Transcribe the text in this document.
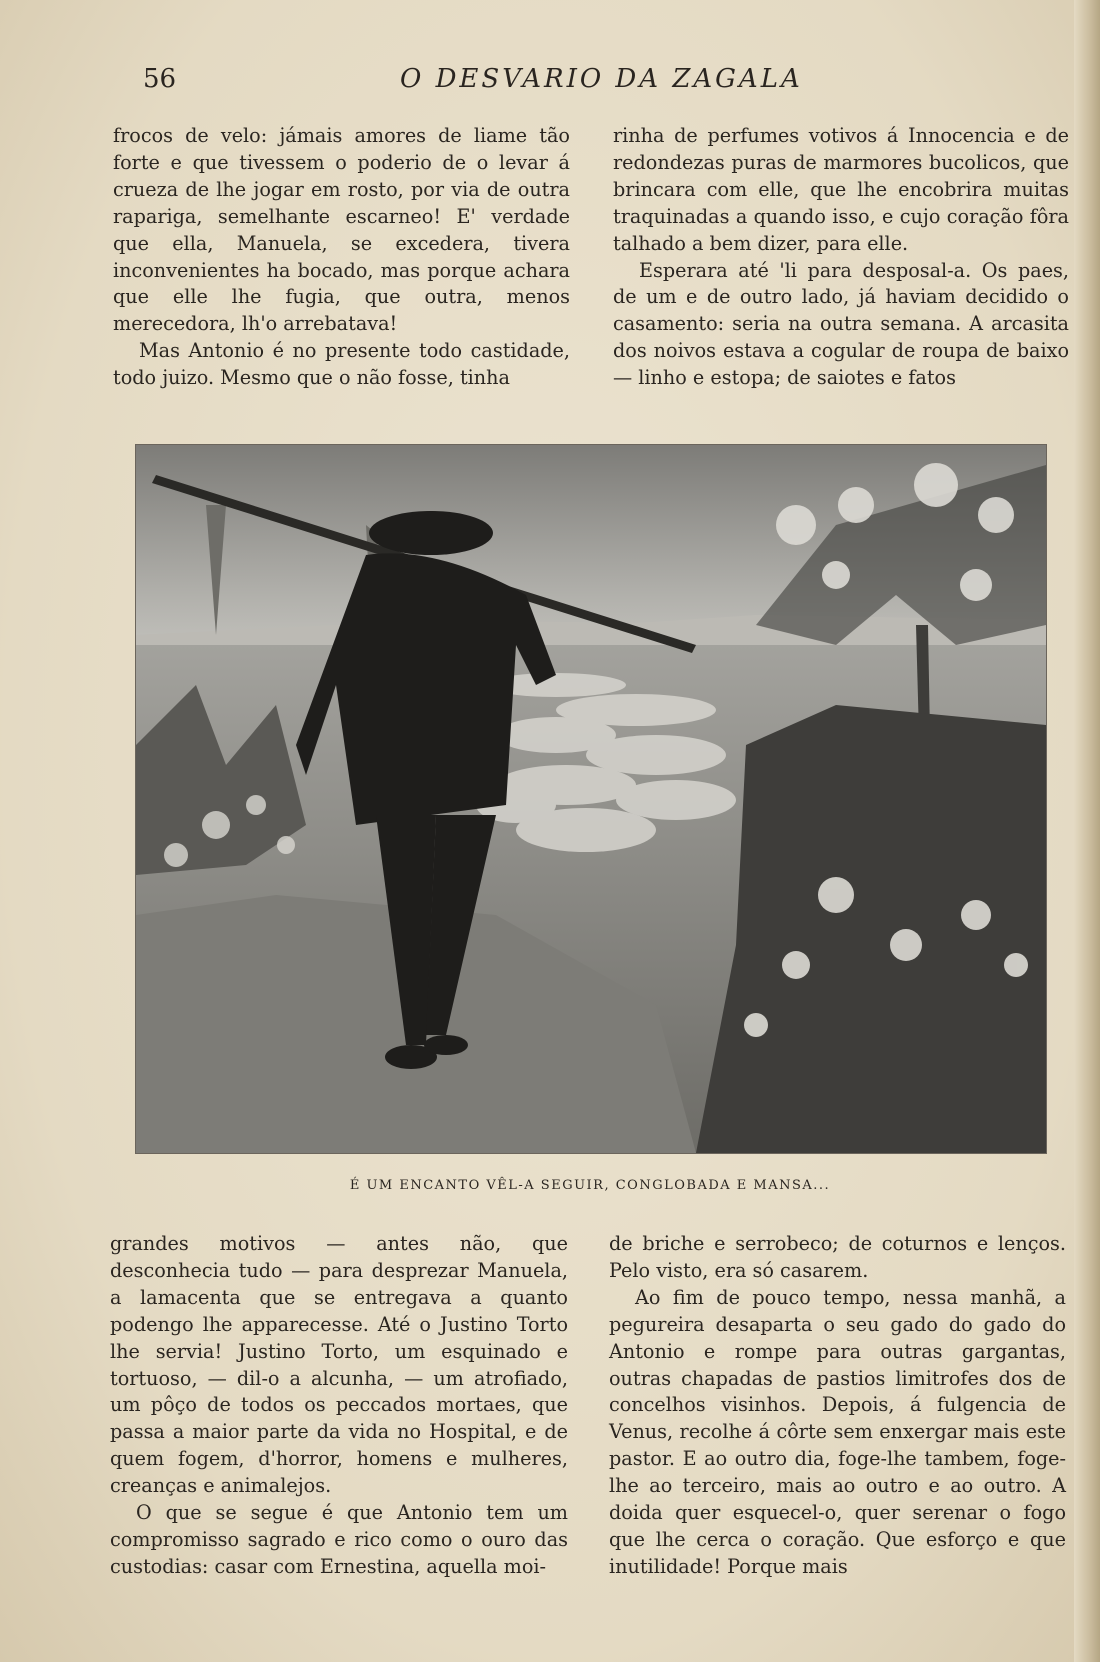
56	O DESVARIO DA ZAGALA

frocos de velo: jámais amores de liame tão forte e que tivessem o poderio de o levar á crueza de lhe jogar em rosto, por via de outra rapariga, semelhante escarneo! E' verdade que ella, Manuela, se excedera, tivera inconvenientes ha bocado, mas porque achara que elle lhe fugia, que outra, menos merecedora, lh'o arrebatava!

Mas Antonio é no presente todo castidade, todo juizo. Mesmo que o não fosse, tinha

rinha de perfumes votivos á Innocencia e de redondezas puras de marmores bucolicos, que brincara com elle, que lhe encobrira muitas traquinadas a quando isso, e cujo coração fôra talhado a bem dizer, para elle.

Esperara até 'li para desposal-a. Os paes, de um e de outro lado, já haviam decidido o casamento: seria na outra semana. A arcasita dos noivos estava a cogular de roupa de baixo — linho e estopa; de saiotes e fatos

É UM ENCANTO VÊL-A SEGUIR, CONGLOBADA E MANSA...

grandes motivos — antes não, que desconhecia tudo — para desprezar Manuela, a lamacenta que se entregava a quanto podengo lhe apparecesse. Até o Justino Torto lhe servia! Justino Torto, um esquinado e tortuoso, — dil-o a alcunha, — um atrofiado, um pôço de todos os peccados mortaes, que passa a maior parte da vida no Hospital, e de quem fogem, d'horror, homens e mulheres, creanças e animalejos.

O que se segue é que Antonio tem um compromisso sagrado e rico como o ouro das custodias: casar com Ernestina, aquella moi-

de briche e serrobeco; de coturnos e lenços. Pelo visto, era só casarem.

Ao fim de pouco tempo, nessa manhã, a pegureira desaparta o seu gado do gado do Antonio e rompe para outras gargantas, outras chapadas de pastios limitrofes dos de concelhos visinhos. Depois, á fulgencia de Venus, recolhe á côrte sem enxergar mais este pastor. E ao outro dia, foge-lhe tambem, foge-lhe ao terceiro, mais ao outro e ao outro. A doida quer esquecel-o, quer serenar o fogo que lhe cerca o coração. Que esforço e que inutilidade! Porque mais
